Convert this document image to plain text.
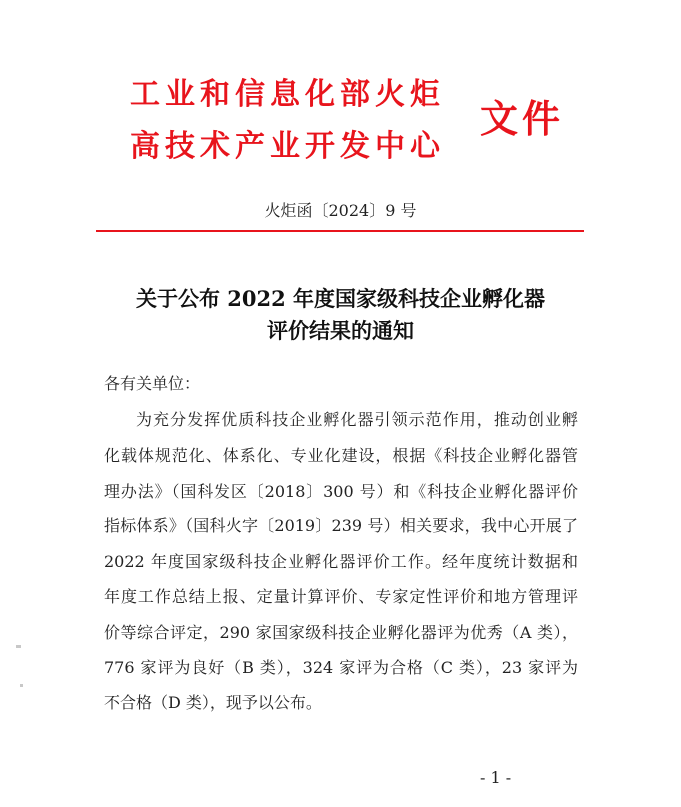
工业和信息化部火炬
高技术产业开发中心
文件
火炬函〔2024〕9 号
关于公布 2022 年度国家级科技企业孵化器
评价结果的通知
各有关单位：
为充分发挥优质科技企业孵化器引领示范作用，推动创业孵
化载体规范化、体系化、专业化建设，根据《科技企业孵化器管
理办法》（国科发区〔2018〕300 号）和《科技企业孵化器评价
指标体系》（国科火字〔2019〕239 号）相关要求，我中心开展了
2022 年度国家级科技企业孵化器评价工作。经年度统计数据和
年度工作总结上报、定量计算评价、专家定性评价和地方管理评
价等综合评定，290 家国家级科技企业孵化器评为优秀（A 类），
776 家评为良好（B 类），324 家评为合格（C 类），23 家评为
不合格（D 类），现予以公布。
- 1 -
